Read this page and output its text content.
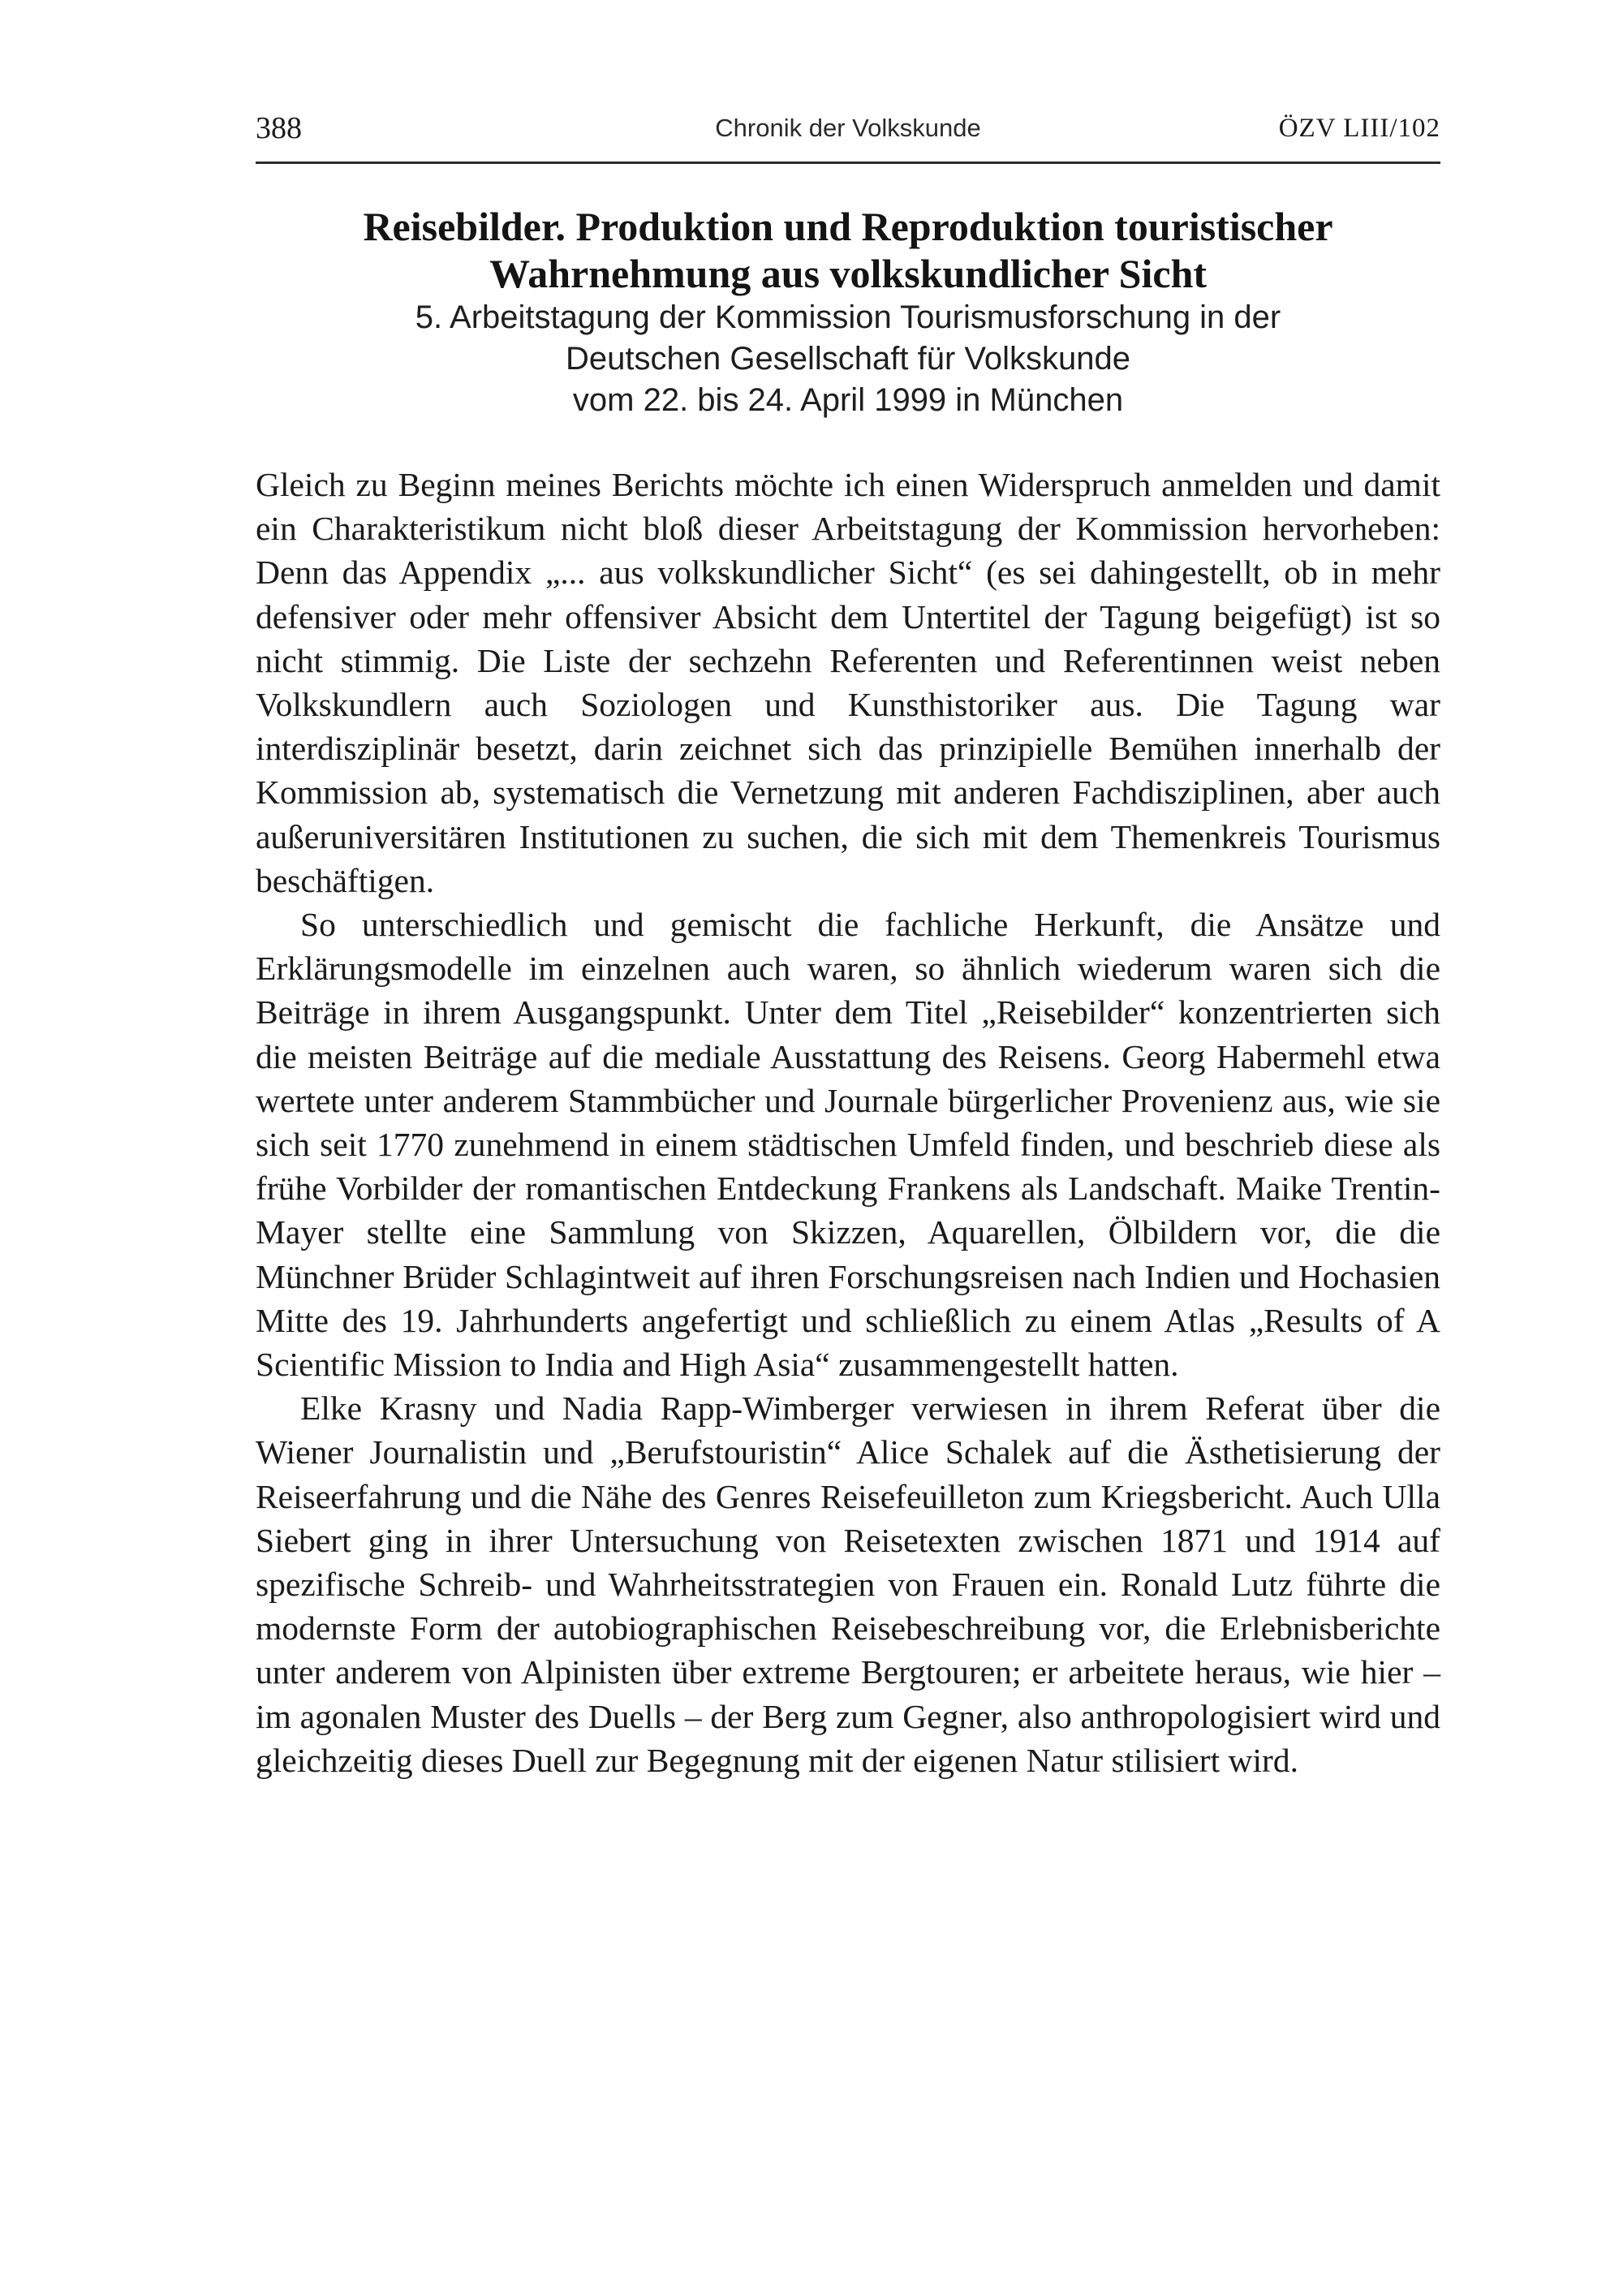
388	Chronik der Volkskunde	ÖZV LIII/102
Reisebilder. Produktion und Reproduktion touristischer
Wahrnehmung aus volkskundlicher Sicht

5. Arbeitstagung der Kommission Tourismusforschung in der
Deutschen Gesellschaft für Volkskunde
vom 22. bis 24. April 1999 in München

Gleich zu Beginn meines Berichts möchte ich einen Widerspruch anmelden und damit ein Charakteristikum nicht bloß dieser Arbeitstagung der Kommission hervorheben: Denn das Appendix „... aus volkskundlicher Sicht“ (es sei dahingestellt, ob in mehr defensiver oder mehr offensiver Absicht dem Untertitel der Tagung beigefügt) ist so nicht stimmig. Die Liste der sechzehn Referenten und Referentinnen weist neben Volkskundlern auch Soziologen und Kunsthistoriker aus. Die Tagung war interdisziplinär besetzt, darin zeichnet sich das prinzipielle Bemühen innerhalb der Kommission ab, systematisch die Vernetzung mit anderen Fachdisziplinen, aber auch außeruniversitären Institutionen zu suchen, die sich mit dem Themenkreis Tourismus beschäftigen.

So unterschiedlich und gemischt die fachliche Herkunft, die Ansätze und Erklärungsmodelle im einzelnen auch waren, so ähnlich wiederum waren sich die Beiträge in ihrem Ausgangspunkt. Unter dem Titel „Reisebilder“ konzentrierten sich die meisten Beiträge auf die mediale Ausstattung des Reisens. Georg Habermehl etwa wertete unter anderem Stammbücher und Journale bürgerlicher Provenienz aus, wie sie sich seit 1770 zunehmend in einem städtischen Umfeld finden, und beschrieb diese als frühe Vorbilder der romantischen Entdeckung Frankens als Landschaft. Maike Trentin-Mayer stellte eine Sammlung von Skizzen, Aquarellen, Ölbildern vor, die die Münchner Brüder Schlagintweit auf ihren Forschungsreisen nach Indien und Hochasien Mitte des 19. Jahrhunderts angefertigt und schließlich zu einem Atlas „Results of A Scientific Mission to India and High Asia“ zusammengestellt hatten.

Elke Krasny und Nadia Rapp-Wimberger verwiesen in ihrem Referat über die Wiener Journalistin und „Berufstouristin“ Alice Schalek auf die Ästhetisierung der Reiseerfahrung und die Nähe des Genres Reisefeuilleton zum Kriegsbericht. Auch Ulla Siebert ging in ihrer Untersuchung von Reisetexten zwischen 1871 und 1914 auf spezifische Schreib- und Wahrheitsstrategien von Frauen ein. Ronald Lutz führte die modernste Form der autobiographischen Reisebeschreibung vor, die Erlebnisberichte unter anderem von Alpinisten über extreme Bergtouren; er arbeitete heraus, wie hier – im agonalen Muster des Duells – der Berg zum Gegner, also anthropologisiert wird und gleichzeitig dieses Duell zur Begegnung mit der eigenen Natur stilisiert wird.
